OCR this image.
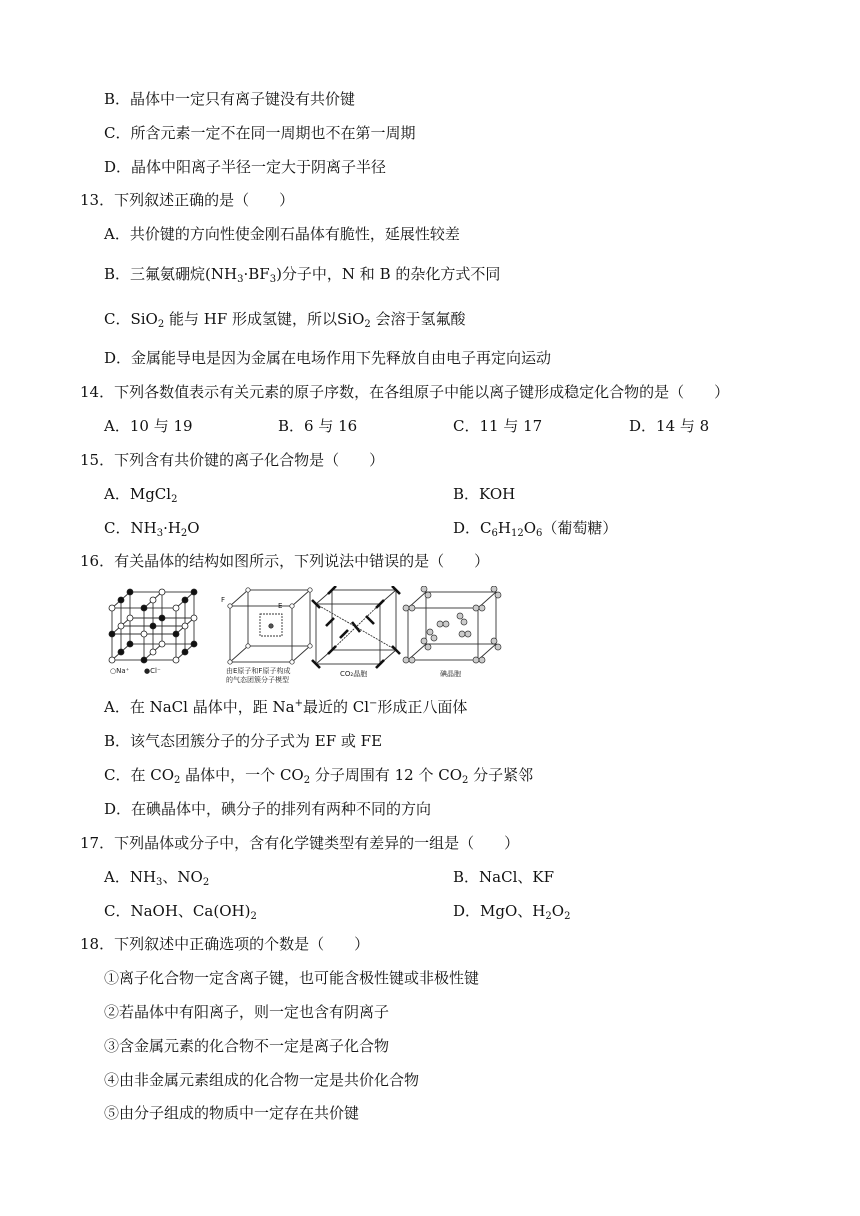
B．晶体中一定只有离子键没有共价键
C．所含元素一定不在同一周期也不在第一周期
D．晶体中阳离子半径一定大于阴离子半径
13．下列叙述正确的是（　　）
A．共价键的方向性使金刚石晶体有脆性，延展性较差
B．三氟氨硼烷$(NH_3\cdot BF_3)$分子中，N 和 B 的杂化方式不同
C．SiO$_2$ 能与 HF 形成氢键，所以SiO$_2$ 会溶于氢氟酸
D．金属能导电是因为金属在电场作用下先释放自由电子再定向运动
14．下列各数值表示有关元素的原子序数，在各组原子中能以离子键形成稳定化合物的是（　　）
A．10 与 19	B．6 与 16	C．11 与 17	D．14 与 8
15．下列含有共价键的离子化合物是（　　）
A．MgCl$_2$	B．KOH
C．$NH_3\cdot H_2O$	D．$C_6H_{12}O_6$（葡萄糖）
16．有关晶体的结构如图所示，下列说法中错误的是（　　）
○Na⁺ ●Cl⁻
F
E
由E原子和F原子构成
的气态团簇分子模型
CO₂晶胞	碘晶胞
A．在 NaCl 晶体中，距 Na+最近的 Cl−形成正八面体
B．该气态团簇分子的分子式为 EF 或 FE
C．在 $CO_2$ 晶体中，一个 $CO_2$ 分子周围有 12 个 $CO_2$ 分子紧邻
D．在碘晶体中，碘分子的排列有两种不同的方向
17．下列晶体或分子中，含有化学键类型有差异的一组是（　　）
A．$NH_3$、$NO_2$	B．NaCl、KF
C．NaOH、$Ca(OH)_2$	D．MgO、$H_2O_2$
18．下列叙述中正确选项的个数是（　　）
①离子化合物一定含离子键，也可能含极性键或非极性键
②若晶体中有阳离子，则一定也含有阴离子
③含金属元素的化合物不一定是离子化合物
④由非金属元素组成的化合物一定是共价化合物
⑤由分子组成的物质中一定存在共价键
